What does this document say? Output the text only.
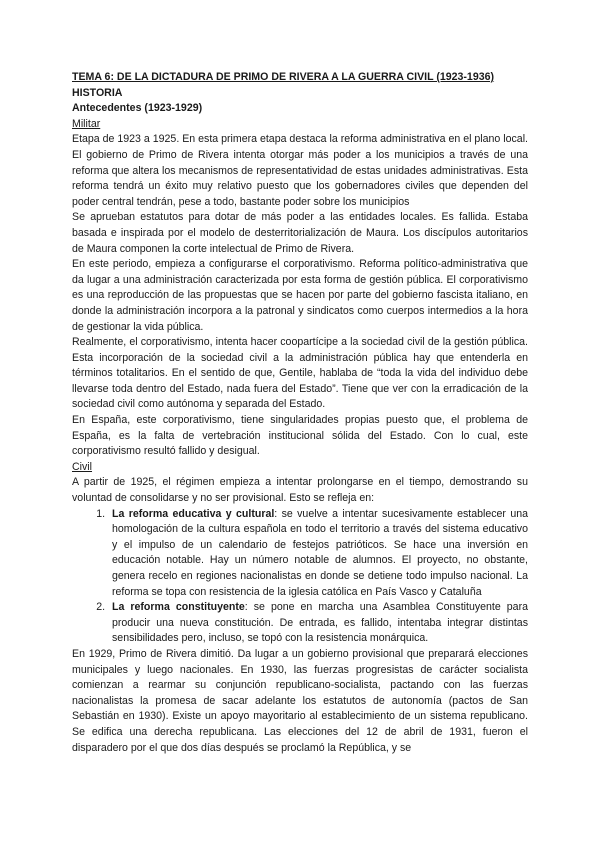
TEMA 6: DE LA DICTADURA DE PRIMO DE RIVERA A LA GUERRA CIVIL (1923-1936)
HISTORIA
Antecedentes (1923-1929)
Militar

Etapa de 1923 a 1925. En esta primera etapa destaca la reforma administrativa en el plano local. El gobierno de Primo de Rivera intenta otorgar más poder a los municipios a través de una reforma que altera los mecanismos de representatividad de estas unidades administrativas. Esta reforma tendrá un éxito muy relativo puesto que los gobernadores civiles que dependen del poder central tendrán, pese a todo, bastante poder sobre los municipios

Se aprueban estatutos para dotar de más poder a las entidades locales. Es fallida. Estaba basada e inspirada por el modelo de desterritorialización de Maura. Los discípulos autoritarios de Maura componen la corte intelectual de Primo de Rivera.

En este periodo, empieza a configurarse el corporativismo. Reforma político-administrativa que da lugar a una administración caracterizada por esta forma de gestión pública. El corporativismo es una reproducción de las propuestas que se hacen por parte del gobierno fascista italiano, en donde la administración incorpora a la patronal y sindicatos como cuerpos intermedios a la hora de gestionar la vida pública.

Realmente, el corporativismo, intenta hacer coopartícipe a la sociedad civil de la gestión pública. Esta incorporación de la sociedad civil a la administración pública hay que entenderla en términos totalitarios. En el sentido de que, Gentile, hablaba de “toda la vida del individuo debe llevarse toda dentro del Estado, nada fuera del Estado”. Tiene que ver con la erradicación de la sociedad civil como autónoma y separada del Estado.

En España, este corporativismo, tiene singularidades propias puesto que, el problema de España, es la falta de vertebración institucional sólida del Estado. Con lo cual, este corporativismo resultó fallido y desigual.

Civil

A partir de 1925, el régimen empieza a intentar prolongarse en el tiempo, demostrando su voluntad de consolidarse y no ser provisional. Esto se refleja en:

1. La reforma educativa y cultural: se vuelve a intentar sucesivamente establecer una homologación de la cultura española en todo el territorio a través del sistema educativo y el impulso de un calendario de festejos patrióticos. Se hace una inversión en educación notable. Hay un número notable de alumnos. El proyecto, no obstante, genera recelo en regiones nacionalistas en donde se detiene todo impulso nacional. La reforma se topa con resistencia de la iglesia católica en País Vasco y Cataluña
2. La reforma constituyente: se pone en marcha una Asamblea Constituyente para producir una nueva constitución. De entrada, es fallido, intentaba integrar distintas sensibilidades pero, incluso, se topó con la resistencia monárquica.

En 1929, Primo de Rivera dimitió. Da lugar a un gobierno provisional que preparará elecciones municipales y luego nacionales. En 1930, las fuerzas progresistas de carácter socialista comienzan a rearmar su conjunción republicano-socialista, pactando con las fuerzas nacionalistas la promesa de sacar adelante los estatutos de autonomía (pactos de San Sebastián en 1930). Existe un apoyo mayoritario al establecimiento de un sistema republicano. Se edifica una derecha republicana. Las elecciones del 12 de abril de 1931, fueron el disparadero por el que dos días después se proclamó la República, y se
